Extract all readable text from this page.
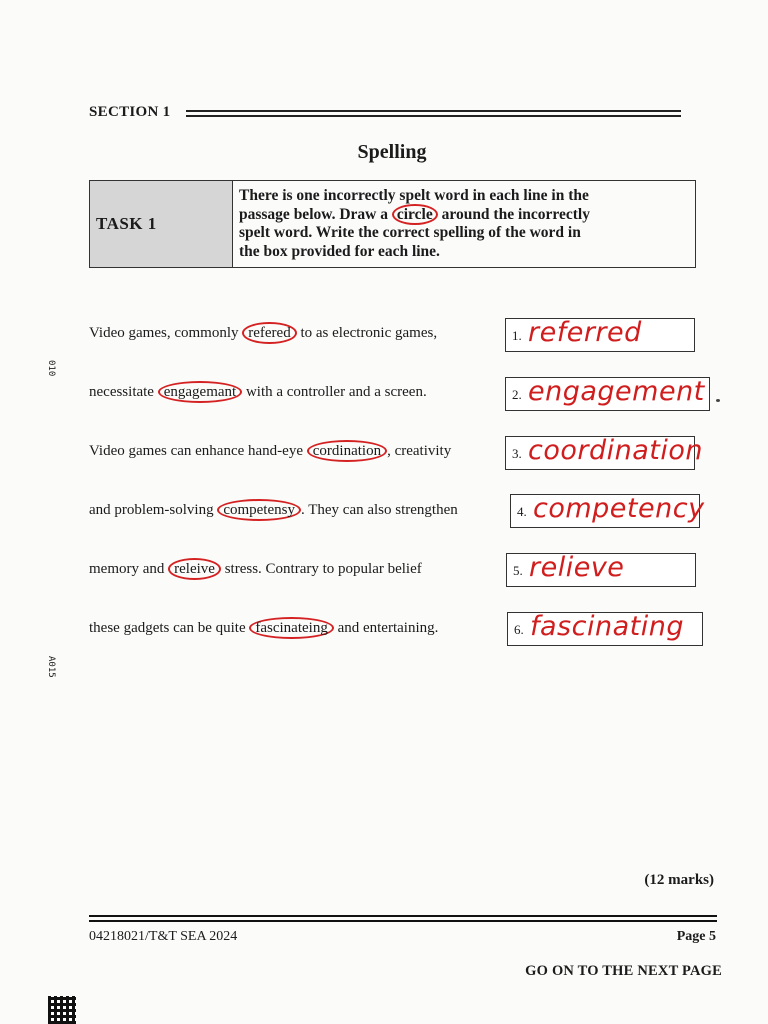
SECTION 1
Spelling
TASK 1
There is one incorrectly spelt word in each line in the
passage below. Draw a circle around the incorrectly
spelt word. Write the correct spelling of the word in
the box provided for each line.
Video games, commonly refered to as electronic games,	1. referred
necessitate engagemant with a controller and a screen.	2. engagement
Video games can enhance hand-eye cordination , creativity	3. coordination
and problem-solving competensy . They can also strengthen	4. competency
memory and releive stress. Contrary to popular belief	5. relieve
these gadgets can be quite fascinateing and entertaining.	6. fascinating
010
A015
(12 marks)
04218021/T&T SEA 2024	Page 5
GO ON TO THE NEXT PAGE
